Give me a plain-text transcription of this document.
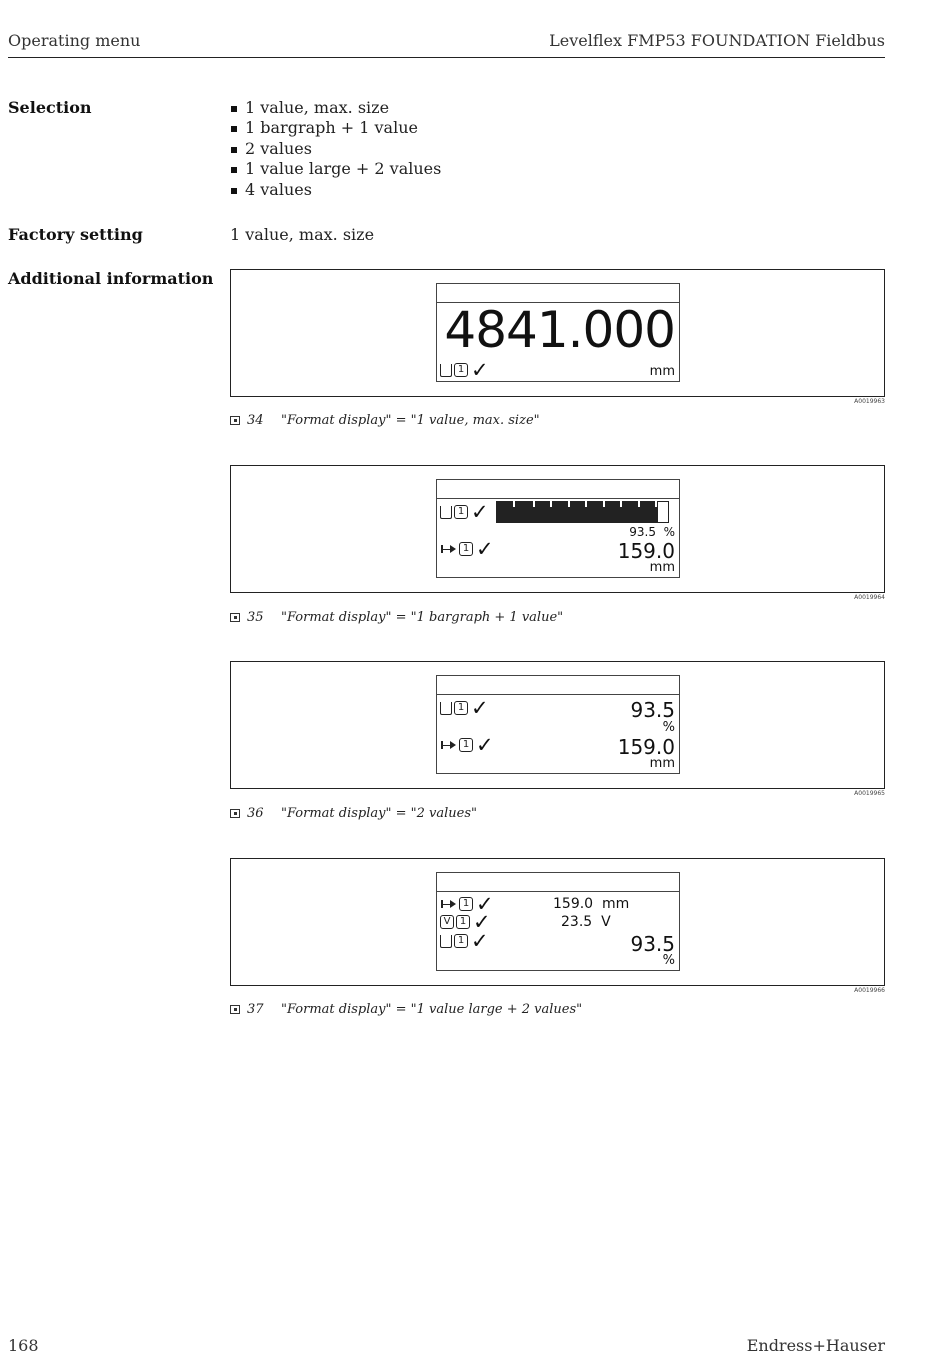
Operating menu	Levelflex FMP53 FOUNDATION Fieldbus
Selection	1 value, max. size
1 bargraph + 1 value
2 values
1 value large + 2 values
4 values
Factory setting	1 value, max. size
Additional information
4841.000
1 ✓	mm
A0019963
34 "Format display" = "1 value, max. size"
1 ✓
93.5 %
1 ✓	159.0
mm
A0019964
35 "Format display" = "1 bargraph + 1 value"
1 ✓	93.5
%
1 ✓	159.0
mm
A0019965
36 "Format display" = "2 values"
1 ✓	159.0  mm
V 1 ✓	23.5  V
1 ✓	93.5
%
A0019966
37 "Format display" = "1 value large + 2 values"
168	Endress+Hauser
